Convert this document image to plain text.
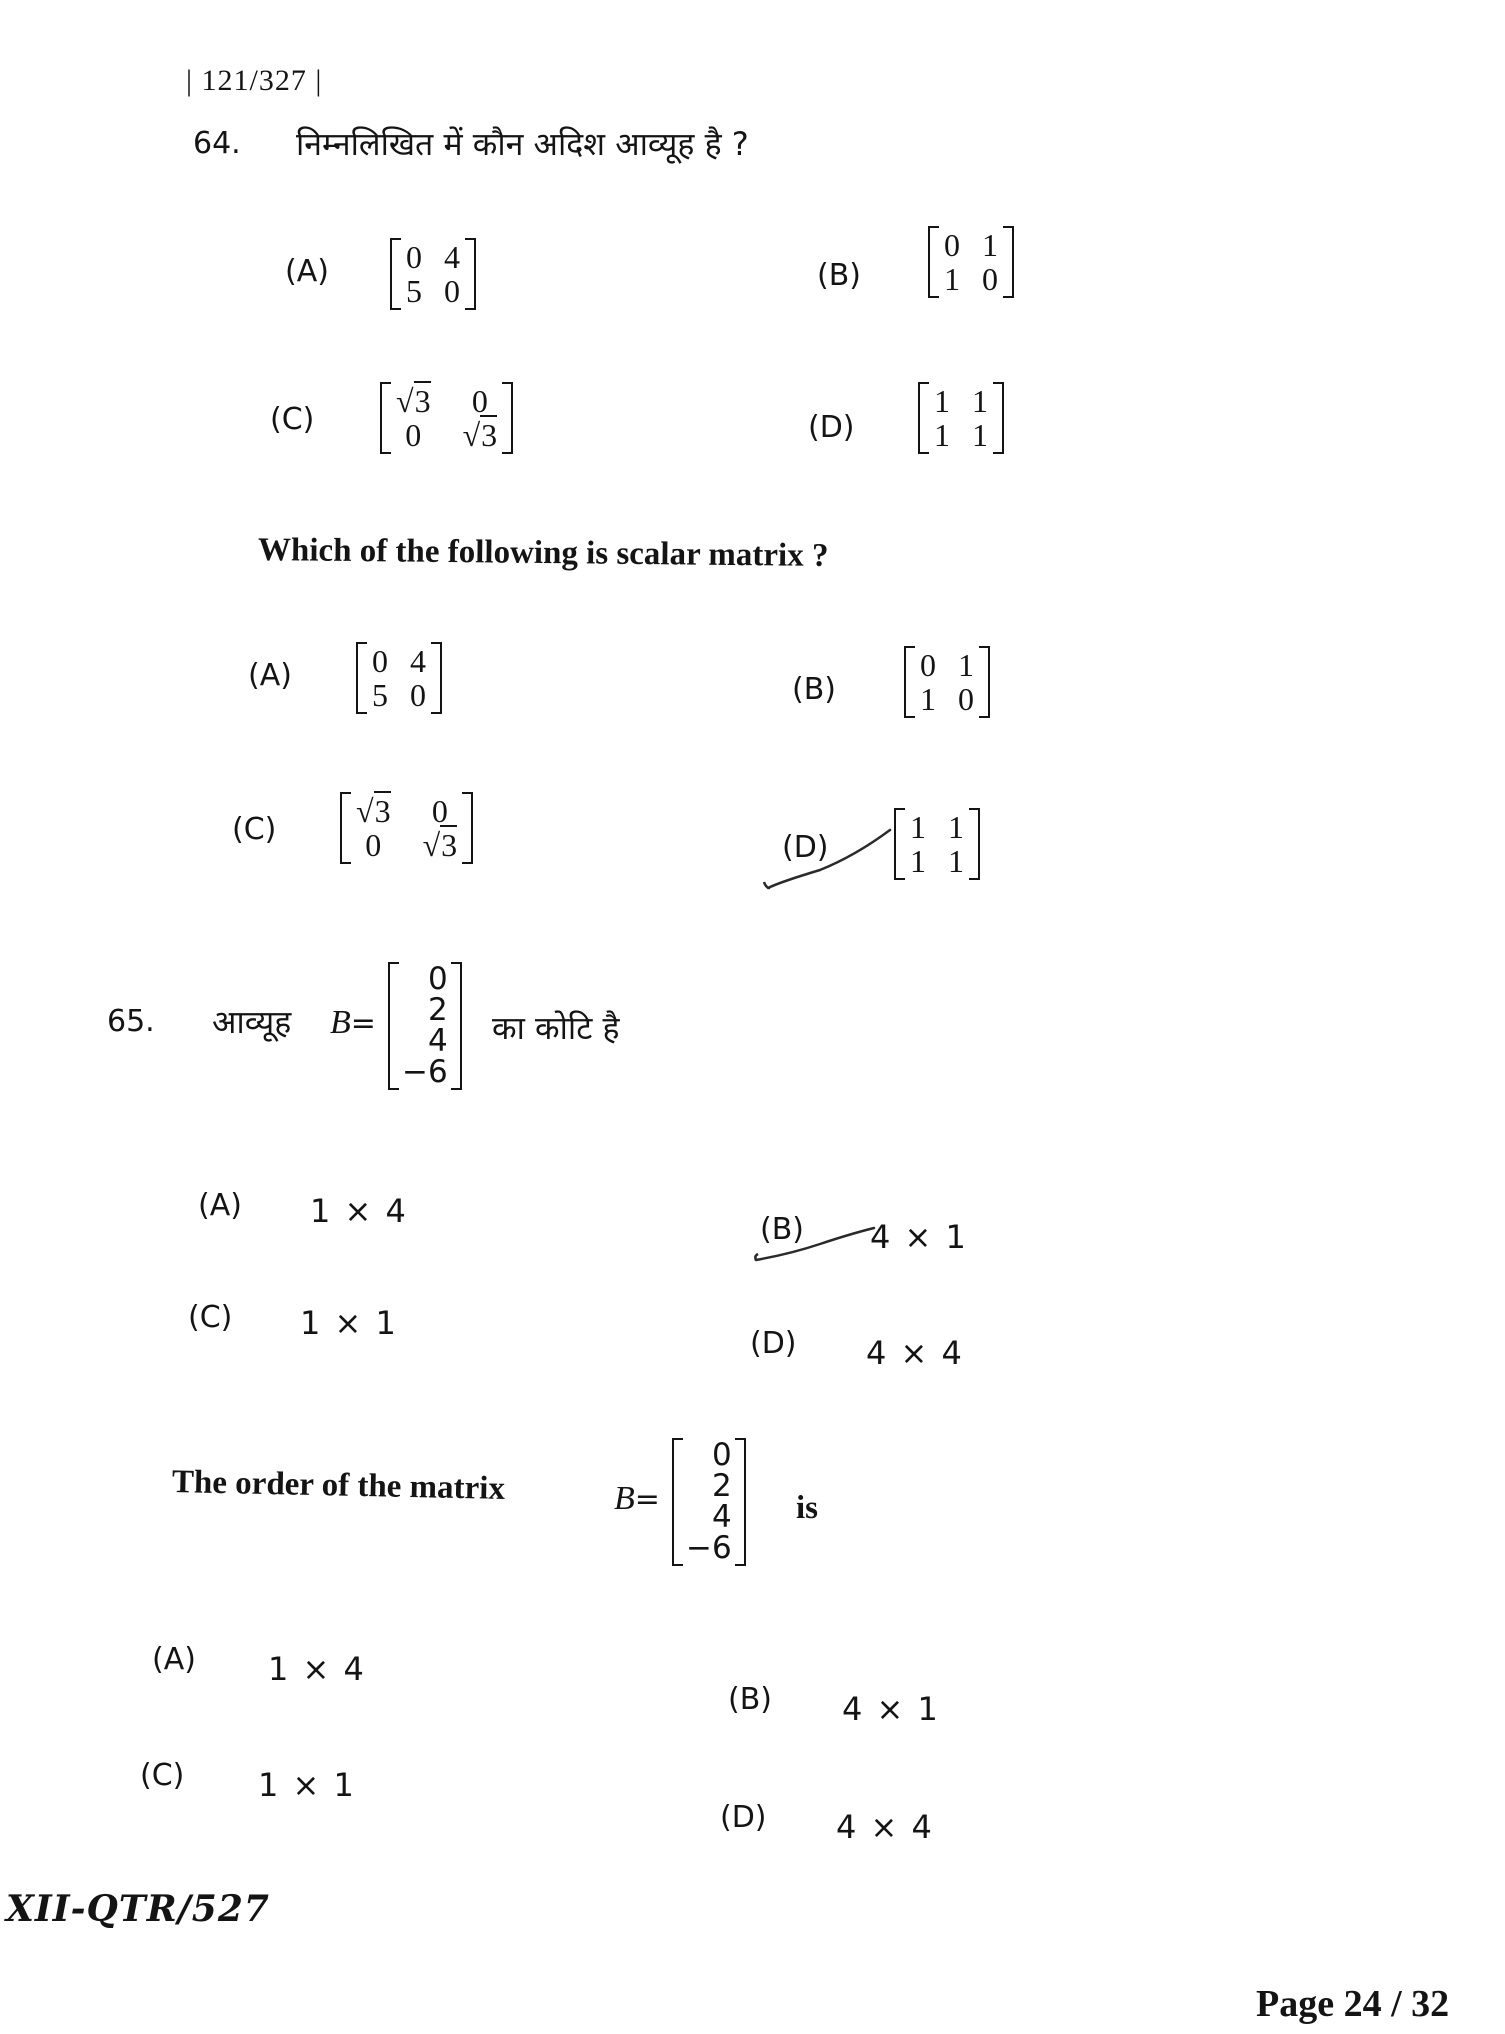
| 121/327 |
64. निम्नलिखित में कौन अदिश आव्यूह है ?
(A) 0 4
5 0	(B)
0 1
1 0
(C)
√3 0
0 √3	(D)
1 1
1 1
Which of the following is scalar matrix ?
(A)	0 4
5 0	(B)
0 1
1 0
(C)
√3 0
0 √3	(D)
1 1
1 1
65. आव्यूह B=
0
2
4
−6
का कोटि है
(A) 1 × 4	(B) 4 × 1
(C) 1 × 1
(D) 4 × 4
The order of the matrix	B=
0
2
4
−6
is
(A) 1 × 4
(B) 4 × 1
(C) 1 × 1
(D) 4 × 4
XII-QTR/527
Page 24 / 32
